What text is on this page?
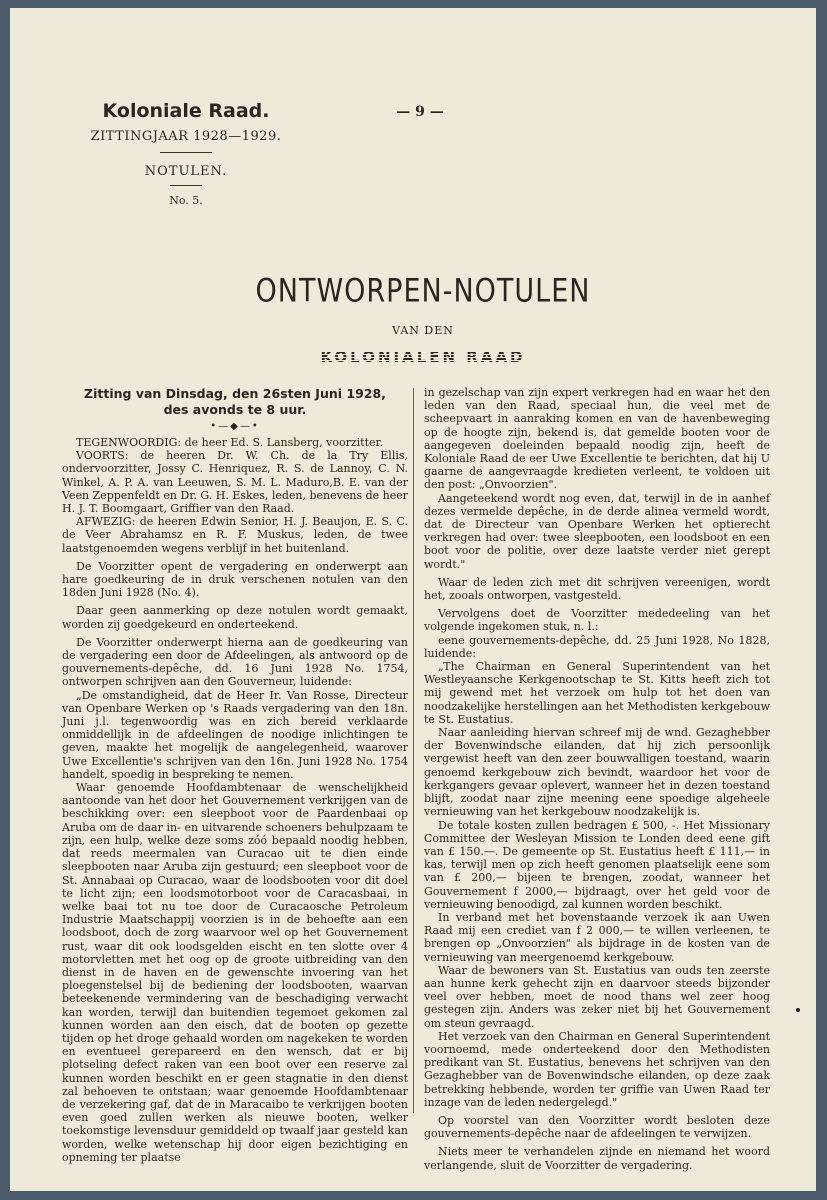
Koloniale Raad.
ZITTINGJAAR 1928—1929.
NOTULEN.
No. 5.
— 9 —
ONTWORPEN-NOTULEN
VAN DEN
KOLONIALEN RAAD
Zitting van Dinsdag, den 26sten Juni 1928,
des avonds te 8 uur.
•—◆—•

TEGENWOORDIG: de heer Ed. S. Lansberg, voorzitter.

VOORTS: de heeren Dr. W. Ch. de la Try Ellis, ondervoorzitter, Jossy C. Henriquez, R. S. de Lannoy, C. N. Winkel, A. P. A. van Leeuwen, S. M. L. Maduro,B. E. van der Veen Zeppenfeldt en Dr. G. H. Eskes, leden, benevens de heer H. J. T. Boomgaart, Griffier van den Raad.

AFWEZIG: de heeren Edwin Senior, H. J. Beaujon, E. S. C. de Veer Abrahamsz en R. F. Muskus, leden, de twee laatstgenoemden wegens verblijf in het buitenland.

De Voorzitter opent de vergadering en onderwerpt aan hare goedkeuring de in druk verschenen notulen van den 18den Juni 1928 (No. 4).

Daar geen aanmerking op deze notulen wordt gemaakt, worden zij goedgekeurd en onderteekend.

De Voorzitter onderwerpt hierna aan de goedkeuring van de vergadering een door de Afdeelingen, als antwoord op de gouvernements-depêche, dd. 16 Juni 1928 No. 1754, ontworpen schrijven aan den Gouverneur, luidende:

„De omstandigheid, dat de Heer Ir. Van Rosse, Directeur van Openbare Werken op 's Raads vergadering van den 18n. Juni j.l. tegenwoordig was en zich bereid verklaarde onmiddellijk in de afdeelingen de noodige inlichtingen te geven, maakte het mogelijk de aangelegenheid, waarover Uwe Excellentie's schrijven van den 16n. Juni 1928 No. 1754 handelt, spoedig in bespreking te nemen.

Waar genoemde Hoofdambtenaar de wenschelijkheid aantoonde van het door het Gouvernement verkrijgen van de beschikking over: een sleepboot voor de Paardenbaai op Aruba om de daar in- en uitvarende schoeners behulpzaam te zijn, een hulp, welke deze soms zóó bepaald noodig hebben, dat reeds meermalen van Curacao uit te dien einde sleepbooten naar Aruba zijn gestuurd; een sleepboot voor de St. Annabaai op Curacao, waar de loodsbooten voor dit doel te licht zijn; een loodsmotorboot voor de Caracasbaai, in welke baai tot nu toe door de Curacaosche Petroleum Industrie Maatschappij voorzien is in de behoefte aan een loodsboot, doch de zorg waarvoor wel op het Gouvernement rust, waar dit ook loodsgelden eischt en ten slotte over 4 motorvletten met het oog op de groote uitbreiding van den dienst in de haven en de gewenschte invoering van het ploegenstelsel bij de bediening der loodsbooten, waarvan beteekenende vermindering van de beschadiging verwacht kan worden, terwijl dan buitendien tegemoet gekomen zal kunnen worden aan den eisch, dat de booten op gezette tijden op het droge gehaald worden om nagekeken te worden en eventueel gerepareerd en den wensch, dat er bij plotseling defect raken van een boot over een reserve zal kunnen worden beschikt en er geen stagnatie in den dienst zal behoeven te ontstaan; waar genoemde Hoofdambtenaar de verzekering gaf, dat de in Maracaibo te verkrijgen booten even goed zullen werken als nieuwe booten, welker toekomstige levensduur gemiddeld op twaalf jaar gesteld kan worden, welke wetenschap hij door eigen bezichtiging en opneming ter plaatse

in gezelschap van zijn expert verkregen had en waar het den leden van den Raad, speciaal hun, die veel met de scheepvaart in aanraking komen en van de havenbeweging op de hoogte zijn, bekend is, dat gemelde booten voor de aangegeven doeleinden bepaald noodig zijn, heeft de Koloniale Raad de eer Uwe Excellentie te berichten, dat hij U gaarne de aangevraagde kredieten verleent, te voldoen uit den post: „Onvoorzien".

Aangeteekend wordt nog even, dat, terwijl in de in aanhef dezes vermelde depêche, in de derde alinea vermeld wordt, dat de Directeur van Openbare Werken het optierecht verkregen had over: twee sleepbooten, een loodsboot en een boot voor de politie, over deze laatste verder niet gerept wordt."

Waar de leden zich met dit schrijven vereenigen, wordt het, zooals ontworpen, vastgesteld.

Vervolgens doet de Voorzitter mededeeling van het volgende ingekomen stuk, n. l.:

eene gouvernements-depêche, dd. 25 Juni 1928, No 1828, luidende:

„The Chairman en General Superintendent van het Westleyaansche Kerkgenootschap te St. Kitts heeft zich tot mij gewend met het verzoek om hulp tot het doen van noodzakelijke herstellingen aan het Methodisten kerkgebouw te St. Eustatius.

Naar aanleiding hiervan schreef mij de wnd. Gezaghebber der Bovenwindsche eilanden, dat hij zich persoonlijk vergewist heeft van den zeer bouwvalligen toestand, waarin genoemd kerkgebouw zich bevindt, waardoor het voor de kerkgangers gevaar oplevert, wanneer het in dezen toestand blijft, zoodat naar zijne meening eene spoedige algeheele vernieuwing van het kerkgebouw noodzakelijk is.

De totale kosten zullen bedragen £ 500, -. Het Missionary Committee der Wesleyan Mission te Londen deed eene gift van £ 150.—. De gemeente op St. Eustatius heeft £ 111,— in kas, terwijl men op zich heeft genomen plaatselijk eene som van £ 200,— bijeen te brengen, zoodat, wanneer het Gouvernement f 2000,— bijdraagt, over het geld voor de vernieuwing benoodigd, zal kunnen worden beschikt.

In verband met het bovenstaande verzoek ik aan Uwen Raad mij een crediet van f 2 000,— te willen verleenen, te brengen op „Onvoorzien" als bijdrage in de kosten van de vernieuwing van meergenoemd kerkgebouw.

Waar de bewoners van St. Eustatius van ouds ten zeerste aan hunne kerk gehecht zijn en daarvoor steeds bijzonder veel over hebben, moet de nood thans wel zeer hoog gestegen zijn. Anders was zeker niet bij het Gouvernement om steun gevraagd.

Het verzoek van den Chairman en General Superintendent voornoemd, mede onderteekend door den Methodisten predikant van St. Eustatius, benevens het schrijven van den Gezaghebber van de Bovenwindsche eilanden, op deze zaak betrekking hebbende, worden ter griffie van Uwen Raad ter inzage van de leden nedergelegd."

Op voorstel van den Voorzitter wordt besloten deze gouvernements-depêche naar de afdeelingen te verwijzen.

Niets meer te verhandelen zijnde en niemand het woord verlangende, sluit de Voorzitter de vergadering.
